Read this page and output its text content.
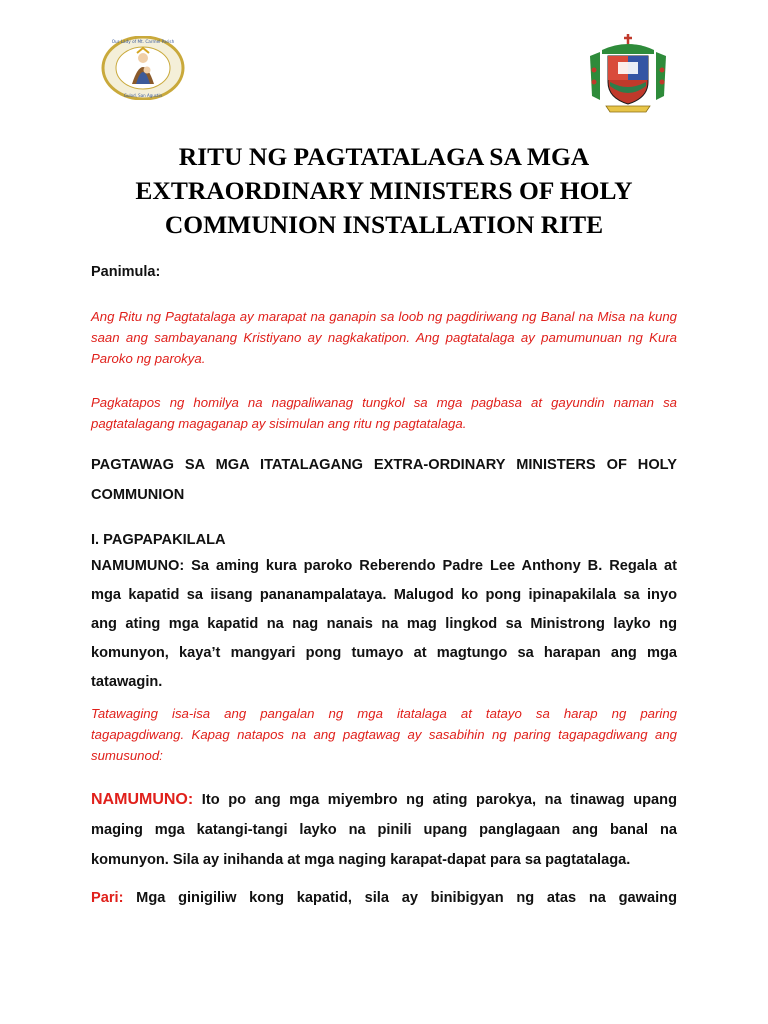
Our Lady of Mt. Carmel Parish
Gulod, San Agustin
RITU NG PAGTATALAGA SA MGA
EXTRAORDINARY MINISTERS OF HOLY
COMMUNION INSTALLATION RITE

Panimula:

Ang Ritu ng Pagtatalaga ay marapat na ganapin sa loob ng pagdiriwang ng Banal na Misa na kung saan ang sambayanang Kristiyano ay nagkakatipon. Ang pagtatalaga ay pamumunuan ng Kura Paroko ng parokya.

Pagkatapos ng homilya na nagpaliwanag tungkol sa mga pagbasa at gayundin naman sa pagtatalagang magaganap ay sisimulan ang ritu ng pagtatalaga.

PAGTAWAG SA MGA ITATALAGANG EXTRA-ORDINARY MINISTERS OF HOLY
COMMUNION

I. PAGPAPAKILALA

NAMUMUNO: Sa aming kura paroko Reberendo Padre Lee Anthony B. Regala at
mga kapatid sa iisang pananampalataya. Malugod ko pong ipinapakilala sa inyo
ang ating mga kapatid na nag nanais na mag lingkod sa Ministrong layko ng
komunyon, kaya’t mangyari pong tumayo at magtungo sa harapan ang mga
tatawagin.

Tatawaging isa-isa ang pangalan ng mga itatalaga at tatayo sa harap ng paring
tagapagdiwang. Kapag natapos na ang pagtawag ay sasabihin ng paring tagapagdiwang ang
sumusunod:

NAMUMUNO: Ito po ang mga miyembro ng ating parokya, na tinawag upang
maging mga katangi-tangi layko na pinili upang panglagaan ang banal na
komunyon. Sila ay inihanda at mga naging karapat-dapat para sa pagtatalaga.

Pari: Mga ginigiliw kong kapatid, sila ay binibigyan ng atas na gawaing
